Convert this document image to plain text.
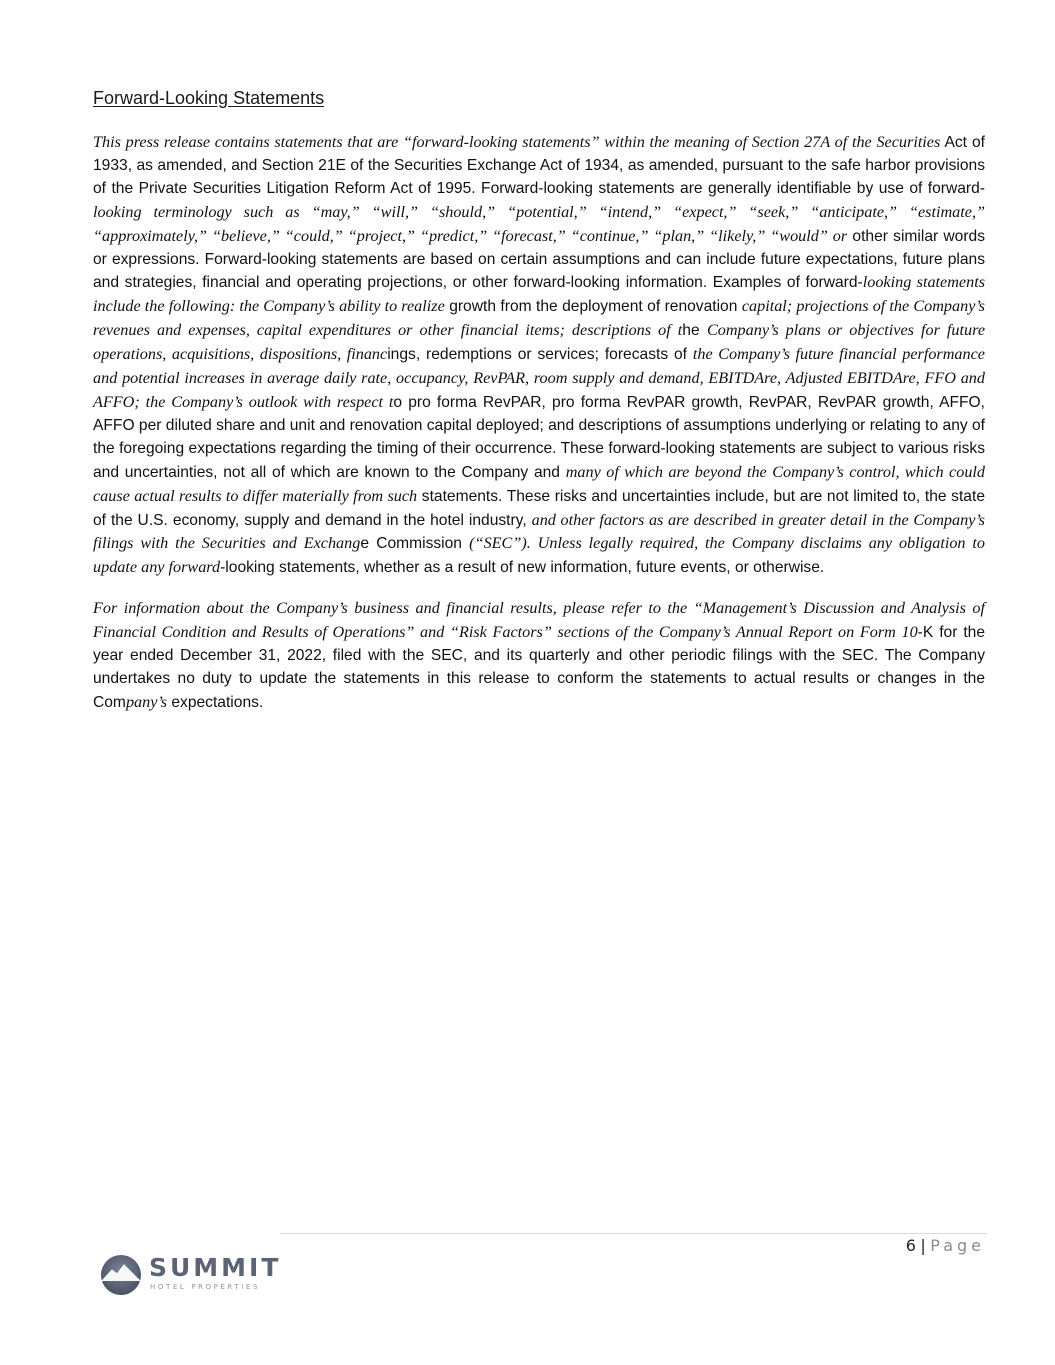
Forward-Looking Statements

This press release contains statements that are “forward-looking statements” within the meaning of Section 27A of the Securities Act of 1933, as amended, and Section 21E of the Securities Exchange Act of 1934, as amended, pursuant to the safe harbor provisions of the Private Securities Litigation Reform Act of 1995. Forward-looking statements are generally identifiable by use of forward-looking terminology such as “may,” “will,” “should,” “potential,” “intend,” “expect,” “seek,” “anticipate,” “estimate,” “approximately,” “believe,” “could,” “project,” “predict,” “forecast,” “continue,” “plan,” “likely,” “would” or other similar words or expressions. Forward-looking statements are based on certain assumptions and can include future expectations, future plans and strategies, financial and operating projections, or other forward-looking information. Examples of forward-looking statements include the following: the Company’s ability to realize growth from the deployment of renovation capital; projections of the Company’s revenues and expenses, capital expenditures or other financial items; descriptions of the Company’s plans or objectives for future operations, acquisitions, dispositions, financings, redemptions or services; forecasts of the Company’s future financial performance and potential increases in average daily rate, occupancy, RevPAR, room supply and demand, EBITDAre, Adjusted EBITDAre, FFO and AFFO; the Company’s outlook with respect to pro forma RevPAR, pro forma RevPAR growth, RevPAR, RevPAR growth, AFFO, AFFO per diluted share and unit and renovation capital deployed; and descriptions of assumptions underlying or relating to any of the foregoing expectations regarding the timing of their occurrence. These forward-looking statements are subject to various risks and uncertainties, not all of which are known to the Company and many of which are beyond the Company’s control, which could cause actual results to differ materially from such statements. These risks and uncertainties include, but are not limited to, the state of the U.S. economy, supply and demand in the hotel industry, and other factors as are described in greater detail in the Company’s filings with the Securities and Exchange Commission (“SEC”). Unless legally required, the Company disclaims any obligation to update any forward-looking statements, whether as a result of new information, future events, or otherwise.

For information about the Company’s business and financial results, please refer to the “Management’s Discussion and Analysis of Financial Condition and Results of Operations” and “Risk Factors” sections of the Company’s Annual Report on Form 10-K for the year ended December 31, 2022, filed with the SEC, and its quarterly and other periodic filings with the SEC. The Company undertakes no duty to update the statements in this release to conform the statements to actual results or changes in the Company’s expectations.

6 | Page
SUMMIT
HOTEL PROPERTIES
